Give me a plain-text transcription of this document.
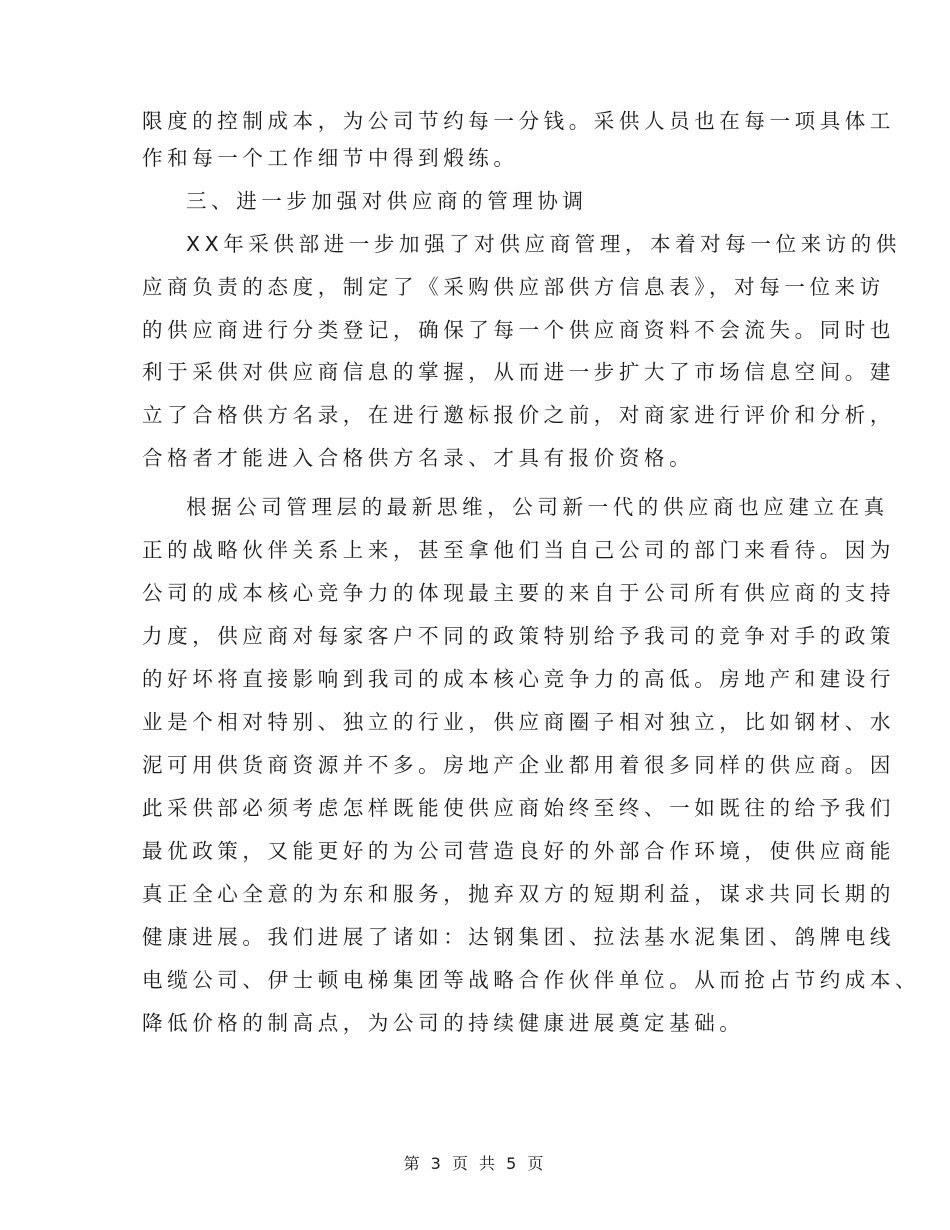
限度的控制成本，为公司节约每一分钱。采供人员也在每一项具体工
作和每一个工作细节中得到煅练。
三、进一步加强对供应商的管理协调
XX年采供部进一步加强了对供应商管理，本着对每一位来访的供
应商负责的态度，制定了《采购供应部供方信息表》，对每一位来访
的供应商进行分类登记，确保了每一个供应商资料不会流失。同时也
利于采供对供应商信息的掌握，从而进一步扩大了市场信息空间。建
立了合格供方名录，在进行邀标报价之前，对商家进行评价和分析，
合格者才能进入合格供方名录、才具有报价资格。
根据公司管理层的最新思维，公司新一代的供应商也应建立在真
正的战略伙伴关系上来，甚至拿他们当自己公司的部门来看待。因为
公司的成本核心竞争力的体现最主要的来自于公司所有供应商的支持
力度，供应商对每家客户不同的政策特别给予我司的竞争对手的政策
的好坏将直接影响到我司的成本核心竞争力的高低。房地产和建设行
业是个相对特别、独立的行业，供应商圈子相对独立，比如钢材、水
泥可用供货商资源并不多。房地产企业都用着很多同样的供应商。因
此采供部必须考虑怎样既能使供应商始终至终、一如既往的给予我们
最优政策，又能更好的为公司营造良好的外部合作环境，使供应商能
真正全心全意的为东和服务，抛弃双方的短期利益，谋求共同长期的
健康进展。我们进展了诸如：达钢集团、拉法基水泥集团、鸽牌电线
电缆公司、伊士顿电梯集团等战略合作伙伴单位。从而抢占节约成本、
降低价格的制高点，为公司的持续健康进展奠定基础。
第 3 页 共 5 页
